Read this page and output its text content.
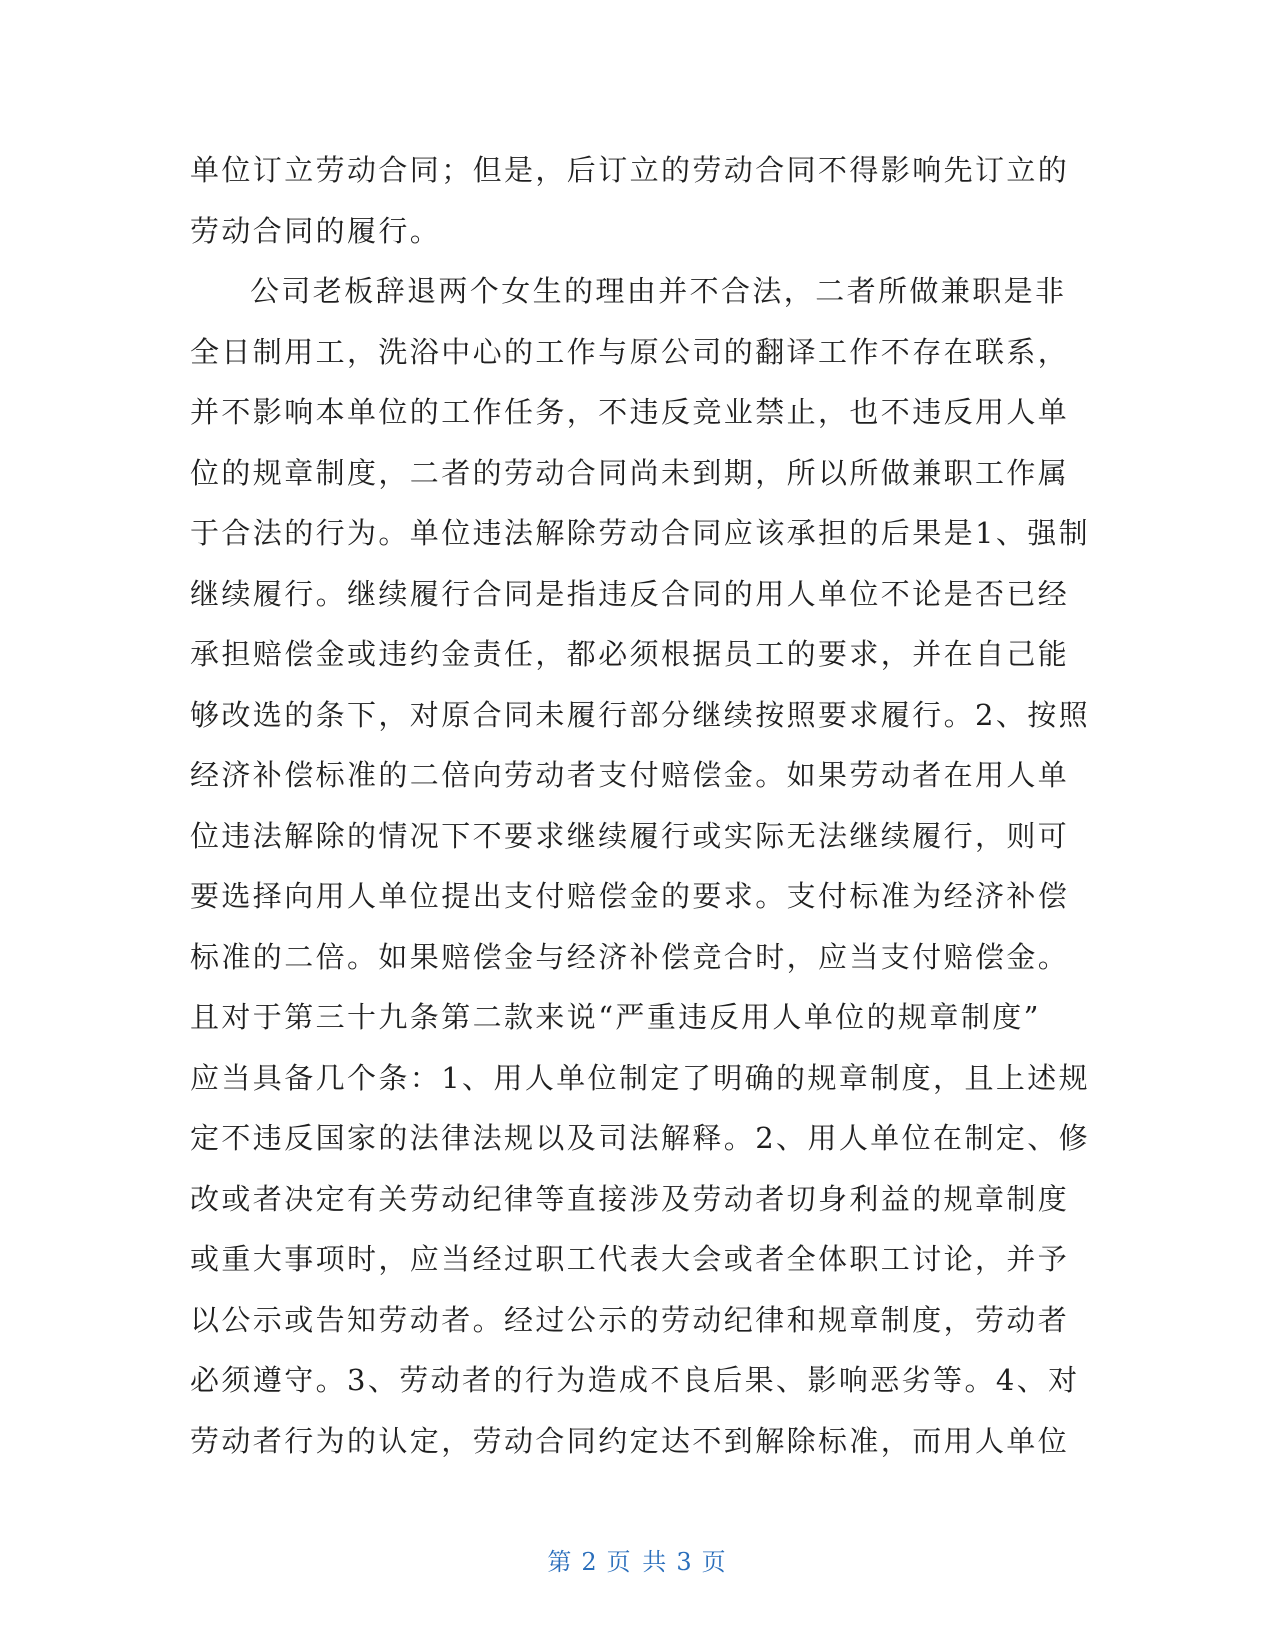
单位订立劳动合同；但是，后订立的劳动合同不得影响先订立的
劳动合同的履行。
公司老板辞退两个女生的理由并不合法，二者所做兼职是非
全日制用工，洗浴中心的工作与原公司的翻译工作不存在联系，
并不影响本单位的工作任务，不违反竞业禁止，也不违反用人单
位的规章制度，二者的劳动合同尚未到期，所以所做兼职工作属
于合法的行为。单位违法解除劳动合同应该承担的后果是1、强制
继续履行。继续履行合同是指违反合同的用人单位不论是否已经
承担赔偿金或违约金责任，都必须根据员工的要求，并在自己能
够改选的条下，对原合同未履行部分继续按照要求履行。2、按照
经济补偿标准的二倍向劳动者支付赔偿金。如果劳动者在用人单
位违法解除的情况下不要求继续履行或实际无法继续履行，则可
要选择向用人单位提出支付赔偿金的要求。支付标准为经济补偿
标准的二倍。如果赔偿金与经济补偿竞合时，应当支付赔偿金。
且对于第三十九条第二款来说“严重违反用人单位的规章制度”
应当具备几个条：1、用人单位制定了明确的规章制度，且上述规
定不违反国家的法律法规以及司法解释。2、用人单位在制定、修
改或者决定有关劳动纪律等直接涉及劳动者切身利益的规章制度
或重大事项时，应当经过职工代表大会或者全体职工讨论，并予
以公示或告知劳动者。经过公示的劳动纪律和规章制度，劳动者
必须遵守。3、劳动者的行为造成不良后果、影响恶劣等。4、对
劳动者行为的认定，劳动合同约定达不到解除标准，而用人单位
第 2 页 共 3 页
